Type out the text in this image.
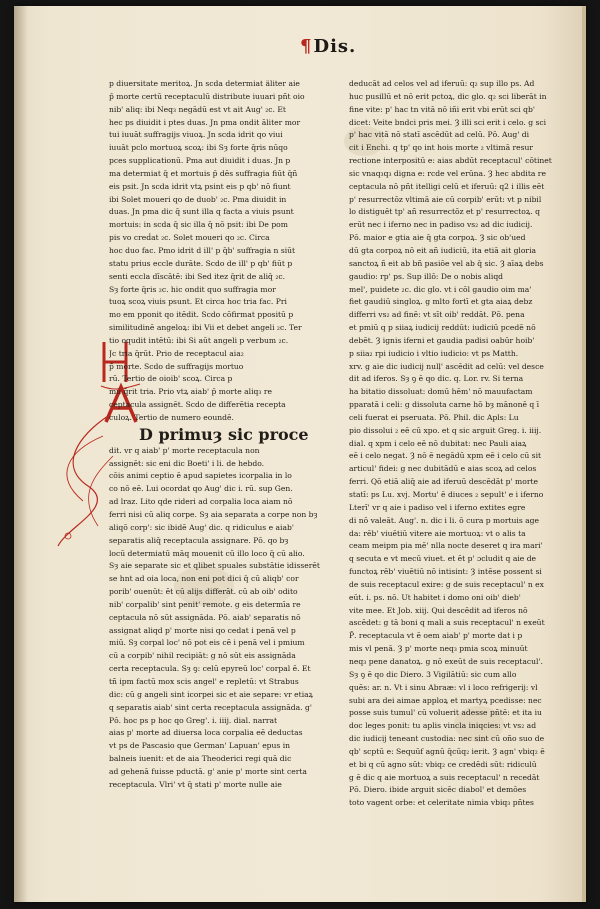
¶Dis.
p diuersitate meritoꝝ. Jn scda determiat äliter aie
p̄ morte certū receptaculū distribute iuuari pñt oio
nib' aliq: ibi Neq₃ negādū est vt ait Aug' ₂c. Et
hec ps diuidit i ptes duas. Jn pma ondit āliter mor
tui iuuāt suffragijs viuoꝝ. Jn scda idrit qo viui
iuuāt pclo mortuoꝝ scoꝝ: ibi Sȝ forte q̄ris nūqo
pces supplicationū. Pma aut diuidit i duas. Jn p
ma determiat q̄ et mortuis p̄ dēs suffragia fiūt q̄ñ
eis psit. Jn scda idrit vtꝝ psint eis p qb' nō fiunt
ibi Solet moueri qo de duob' ₂c. Pma diuidit in
duas. Jn pma dic q̄ sunt illa q facta a viuis psunt
mortuis: in scda q̄ sic illa q̄ nō psit: ibi De pom
pis vo creḋat ₂c. Solet moueri qo ₂c. Circa
hoc duo fac. Pmo idrit d ill' p q̄b' suffragia n siūt
statu prius eccle durāte. Scdo de ill' p qb' fiūt p
senti eccla dīscātē: ibi Sed itez q̄rit de aliq̄ ₂c.
Sȝ forte q̄ris ₂c. hic ondit quo suffragia mor
tuoꝝ scoꝝ viuis psunt. Et circa hoc tria fac. Pri
mo em pponit qo itēdit. Scdo cōfirmat ppositū p
similitudinē angeloꝝ: ibi Vii et debet angeli ₂c. Ter
tio oqudit intētū: ibi Si aūt angeli p verbum ₂c.
Jc tria q̄rūt. Prio de receptacul aia₂
p̄ morte. Scdo de suffragijs mortuo
rū. Tertio de oioib' scoꝝ. Circa p
mū q̄rit tria. Prio vtꝝ aiab' p̄ morte aliq₃ re
ceptacula assignēt. Scdo de differētia recepta
culoꝝ. Tertio de numero eoundē.
D primuȝ sic proce
dit. vr q aiab' p' morte receptacula non
assignēt: sic eni dic Boeti' i li. de hebdo.
cōis animi ceptio ē apud sapietes icorpalia in lo
co nō eē. Lui ocordat qo Aug' dic i. rū. sup Gen.
ad lraz. Lito qde rideri ad corpalia loca aiam nō
ferri nisi cū aliq corpe. Sȝ aia separata a corpe non bȝ
aliqō corp': sic ibidē Aug' dic. q ridiculus e aiab'
separatis aliq̄ receptacula assignare. Pō. qo bȝ
locū determiatū māq mouenit cū illo loco q̄ cū alio.
Sȝ aie separate sic et qlibet spuales substātie idisserēt
se hnt ad oia loca, non eni pot dici q̄ cū aliqb' cor
porib' ouenūt: ēt cū alijs differāt. cū ab oib' odito
nib' corpalib' sint penit' remote. g eis determīa re
ceptacula nō sūt assignāda. Pō. aiab' separatis nō
assignat aliqd p' morte nisi qo cedat i penā vel p
miū. Sȝ corpal loc' nō pot eis cē i penā vel i pmium
cū a corpib' nihil recipiāt: g nō sūt eis assignāda
certa receptacula. Sȝ ꝯ: celū epyreū loc' corpal ē. Et
tñ ipm factū mox scis angel' e repletū: vt Strabus
dic: cū g angeli sint icorpei sic et aie separe: vr etiaꝝ
q separatis aiab' sint certa receptacula assignāda. g'
Pō. hoc ps p hoc qo Greg'. i. iiij. dial. narrat
aias p' morte ad diuersa loca corpalia eē deductas
vt ps de Pascasio que German' Lapuan' epus in
balneis iuenit: et de aia Theoderici regi quā dic
ad gehenā fuisse pductā. g' anie p' morte sint certa
receptacula. Vlri' vt q̄ stati p' morte nulle aie
deducāt ad celos vel ad iferuū: q₂ sup illo ps. Ad
huc pusillū et nō erit pctoꝝ, dic glo. q₂ sci liberāt in
fine vite: p' hac tn vitā nō iñi erit vbi erūt sci qb'
dicet: Veite bndci pris mei. Ȝ illi sci erit i celo. g sci
p' hac vitā nō statī ascēdūt ad celū. Pō. Aug' di
cit i Enchi. q tp' qo int hois morte ₂ vltimā resur
rectione interpositū e: aias abdūt receptacul' cōtinet
sic vnaq₃q₃ digna e: rcde vel erūna. Ȝ hec abdita re
ceptacula nō pñt itelligi celū et iferuū: q2 i illis eēt
p' resurrectōz vltimā aie cū corpib' erūt: vt p nibil
lo distiguēt tp' añ resurrectōz et p' resurrectoꝝ. q
erūt nec i iferno nec in padiso vs₂ ad dic iudicij.
Pō. maior e gtia aie q̄ gta corpoꝝ. Ȝ sic ob'ued
dū gta corpoꝝ nō eit añ iudiciū, ita etiā ait gloria
sanctoꝝ ñ eit ab bñ pasiōe vel ab q̄ sic. Ȝ aīaꝝ debs
gaudio: rp' ps. Sup illō: De o nobis aliqd
mel', puidete ₂c. dic glo. vt i cōl gaudio oim ma'
fiet gaudiū singloꝝ. g mlto fortī et gta aiaꝝ debz
differri vs₂ ad finē: vt sīt oib' reddāt. Pō. pena
et pmiū q p siiaꝝ iudicij reddūt: iudiciū pcedē nō
debēt. Ȝ ignis iferni et gaudia padisi oabūr hoib'
p siia₂ rpi iudicio i vltio iudicio: vt ps Matth.
xrv. g aie dic iudicij nulļ' ascēdit ad celū: vel desce
dit ad iferos. Sȝ ꝯ ē qo dic. q. Lor. rv. Si terna
ha bitatio dissoluat: domū hēm' nō mauufactam
pparatā i celi: g dissoluta carne hō bȝ mānonē q ī
celi fuerat ei pseruata. Pō. Phil. dic Apls: Lu
pio dissolui ₂ eē cū xpo. et q sic arguit Greg. i. iiij.
dial. q xpm i celo eē nō dubitat: nec Pauli aiaꝝ
eē i celo negat. Ȝ nō ē negādū xpm eē i celo cū sit
articul' fidei: g nec dubitādū e aias scoꝝ ad celos
ferri. Qō etiā aliq̄ aie ad iferuū descēdāt p' morte
statī: ps Lu. xvj. Mortu' ē diuces ₂ sepult' e i iferno
Lterī' vr q aie i padiso vel i iferno extites egre
di nō valeāt. Aug'. n. dic i li. ō cura p mortuis age
da: rēb' viuētiū vitere aie mortuoꝝ: vt o alis ta
ceam meipm pia mē' nlla nocte deseret q ira mari'
q secuta e vt mecū viuet. et ēt p' ɔcludit q aie de
functoꝝ rēb' viuētiū nō intisint: Ȝ intēse possent si
de suis receptacul exire: g de suis receptacul' n ex
eūt. i. ps. nō. Ut habitet i domo oni oib' dieb'
vite mee. Et Job. xiij. Qui descēdit ad iferos nō
ascēdet: g tā boni q mali a suis receptacul' n exeūt
P̄. receptacula vt ē oem aiab' p' morte dat i p
mis vl penā. Ȝ p' morte neq₃ pmia scoꝝ minuūt
neq₃ pene danatoꝝ. g nō exeūt de suis receptacul'.
Sȝ ꝯ ē qo dic Diero. 3 Vigilātiū: sic cum allo
quēs: ar. n. Vt i sinu Abraæ: vl i loco refrigerij: vl
subi ara dei aimae apploꝝ et martyꝝ pcedisse: nec
posse suis tumul' cū voluerit adesse pñtē: et ita iu
doc leges ponit: tu aplis vincla iniqcies: vt vs₂ ad
dic iudicij teneant custodia: nec sint cū oño suo de
qb' scptū e: Sequūf agnū q̄cūq₂ ierit. Ȝ agn' vbiq₂ ē
et bi q cū agno sūt: vbiq₂ ce credēdi sūt: ridiculū
g ē dic q aie mortuoꝝ a suis receptacul' n recedāt
Pō. Diero. ibide arguit sicēc diabol' et demōes
toto vagent orbe: et celeritate nimia vbiq₃ pñtes
